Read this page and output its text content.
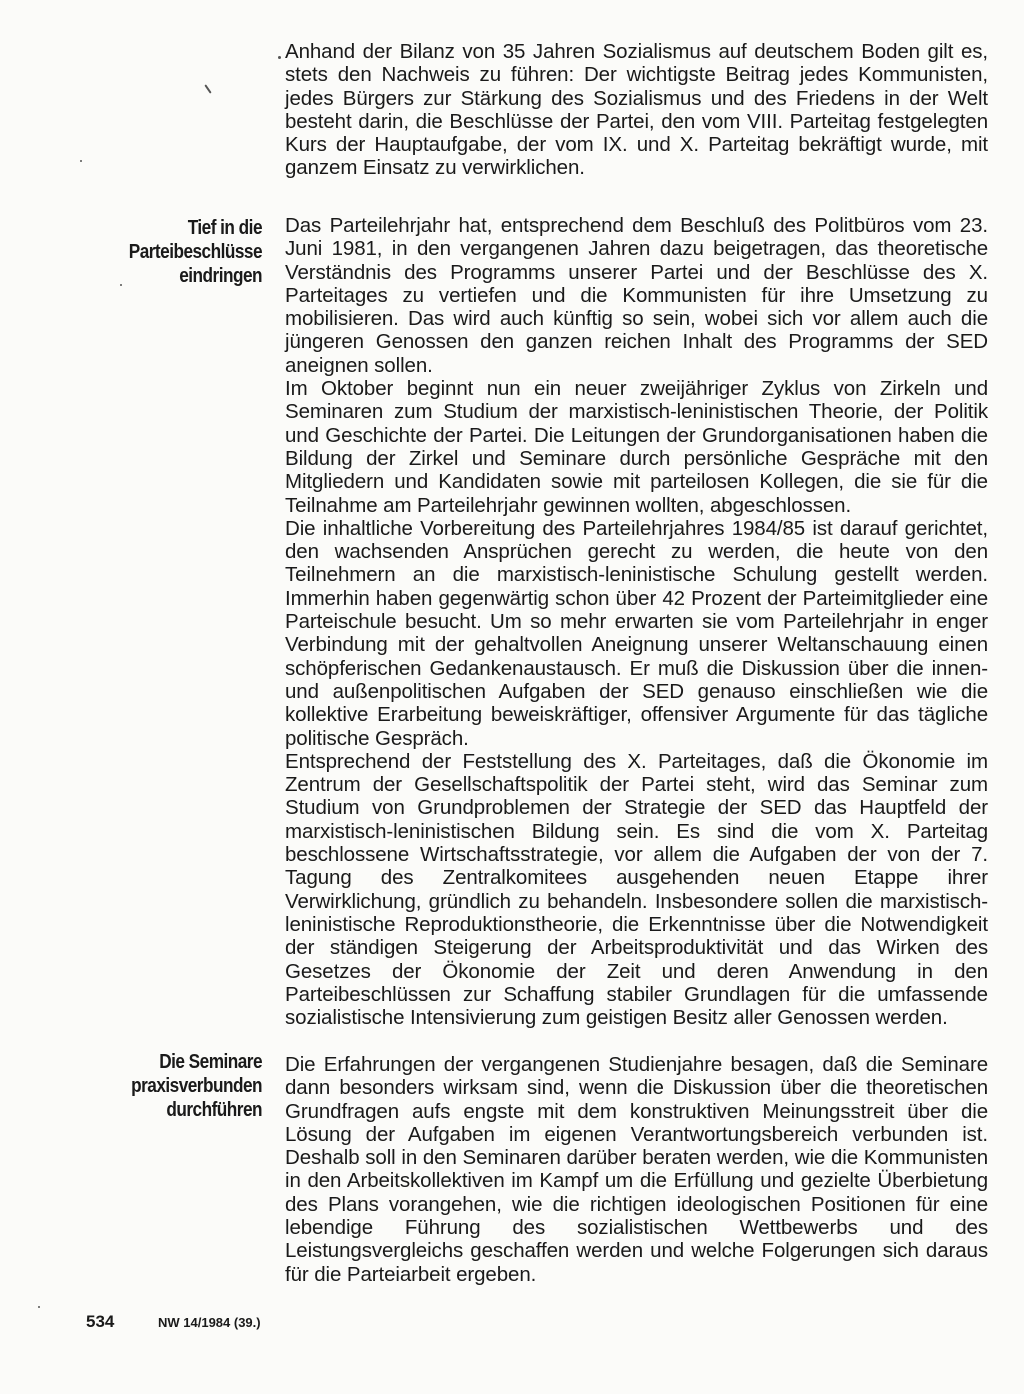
Anhand der Bilanz von 35 Jahren Sozialismus auf deutschem Boden gilt es, stets den Nachweis zu führen: Der wichtigste Beitrag jedes Kommunisten, jedes Bürgers zur Stärkung des Sozialismus und des Friedens in der Welt besteht darin, die Beschlüsse der Partei, den vom VIII. Parteitag festgelegten Kurs der Hauptaufgabe, der vom IX. und X. Parteitag bekräftigt wurde, mit ganzem Einsatz zu verwirklichen.

Tief in die
Parteibeschlüsse
eindringen

Das Parteilehrjahr hat, entsprechend dem Beschluß des Politbüros vom 23. Juni 1981, in den vergangenen Jahren dazu beigetragen, das theoretische Verständnis des Programms unserer Partei und der Beschlüsse des X. Parteitages zu vertiefen und die Kommunisten für ihre Umsetzung zu mobilisieren. Das wird auch künftig so sein, wobei sich vor allem auch die jüngeren Genossen den ganzen reichen Inhalt des Programms der SED aneignen sollen.

Im Oktober beginnt nun ein neuer zweijähriger Zyklus von Zirkeln und Seminaren zum Studium der marxistisch-leninistischen Theorie, der Politik und Geschichte der Partei. Die Leitungen der Grundorganisationen haben die Bildung der Zirkel und Seminare durch persönliche Gespräche mit den Mitgliedern und Kandidaten sowie mit parteilosen Kollegen, die sie für die Teilnahme am Parteilehrjahr gewinnen wollten, abgeschlossen.

Die inhaltliche Vorbereitung des Parteilehrjahres 1984/85 ist darauf gerichtet, den wachsenden Ansprüchen gerecht zu werden, die heute von den Teilnehmern an die marxistisch-leninistische Schulung gestellt werden. Immerhin haben gegenwärtig schon über 42 Prozent der Parteimitglieder eine Parteischule besucht. Um so mehr erwarten sie vom Parteilehrjahr in enger Verbindung mit der gehaltvollen Aneignung unserer Weltanschauung einen schöpferischen Gedankenaustausch. Er muß die Diskussion über die innen- und außenpolitischen Aufgaben der SED genauso einschließen wie die kollektive Erarbeitung beweiskräftiger, offensiver Argumente für das tägliche politische Gespräch.

Entsprechend der Feststellung des X. Parteitages, daß die Ökonomie im Zentrum der Gesellschaftspolitik der Partei steht, wird das Seminar zum Studium von Grundproblemen der Strategie der SED das Hauptfeld der marxistisch-leninistischen Bildung sein. Es sind die vom X. Parteitag beschlossene Wirtschaftsstrategie, vor allem die Aufgaben der von der 7. Tagung des Zentralkomitees ausgehenden neuen Etappe ihrer Verwirklichung, gründlich zu behandeln. Insbesondere sollen die marxistisch-leninistische Reproduktionstheorie, die Erkenntnisse über die Notwendigkeit der ständigen Steigerung der Arbeitsproduktivität und das Wirken des Gesetzes der Ökonomie der Zeit und deren Anwendung in den Parteibeschlüssen zur Schaffung stabiler Grundlagen für die umfassende sozialistische Intensivierung zum geistigen Besitz aller Genossen werden.

Die Seminare
praxisverbunden
durchführen

Die Erfahrungen der vergangenen Studienjahre besagen, daß die Seminare dann besonders wirksam sind, wenn die Diskussion über die theoretischen Grundfragen aufs engste mit dem konstruktiven Meinungsstreit über die Lösung der Aufgaben im eigenen Verantwortungsbereich verbunden ist. Deshalb soll in den Seminaren darüber beraten werden, wie die Kommunisten in den Arbeitskollektiven im Kampf um die Erfüllung und gezielte Überbietung des Plans vorangehen, wie die richtigen ideologischen Positionen für eine lebendige Führung des sozialistischen Wettbewerbs und des Leistungsvergleichs geschaffen werden und welche Folgerungen sich daraus für die Parteiarbeit ergeben.

534	NW 14/1984 (39.)
